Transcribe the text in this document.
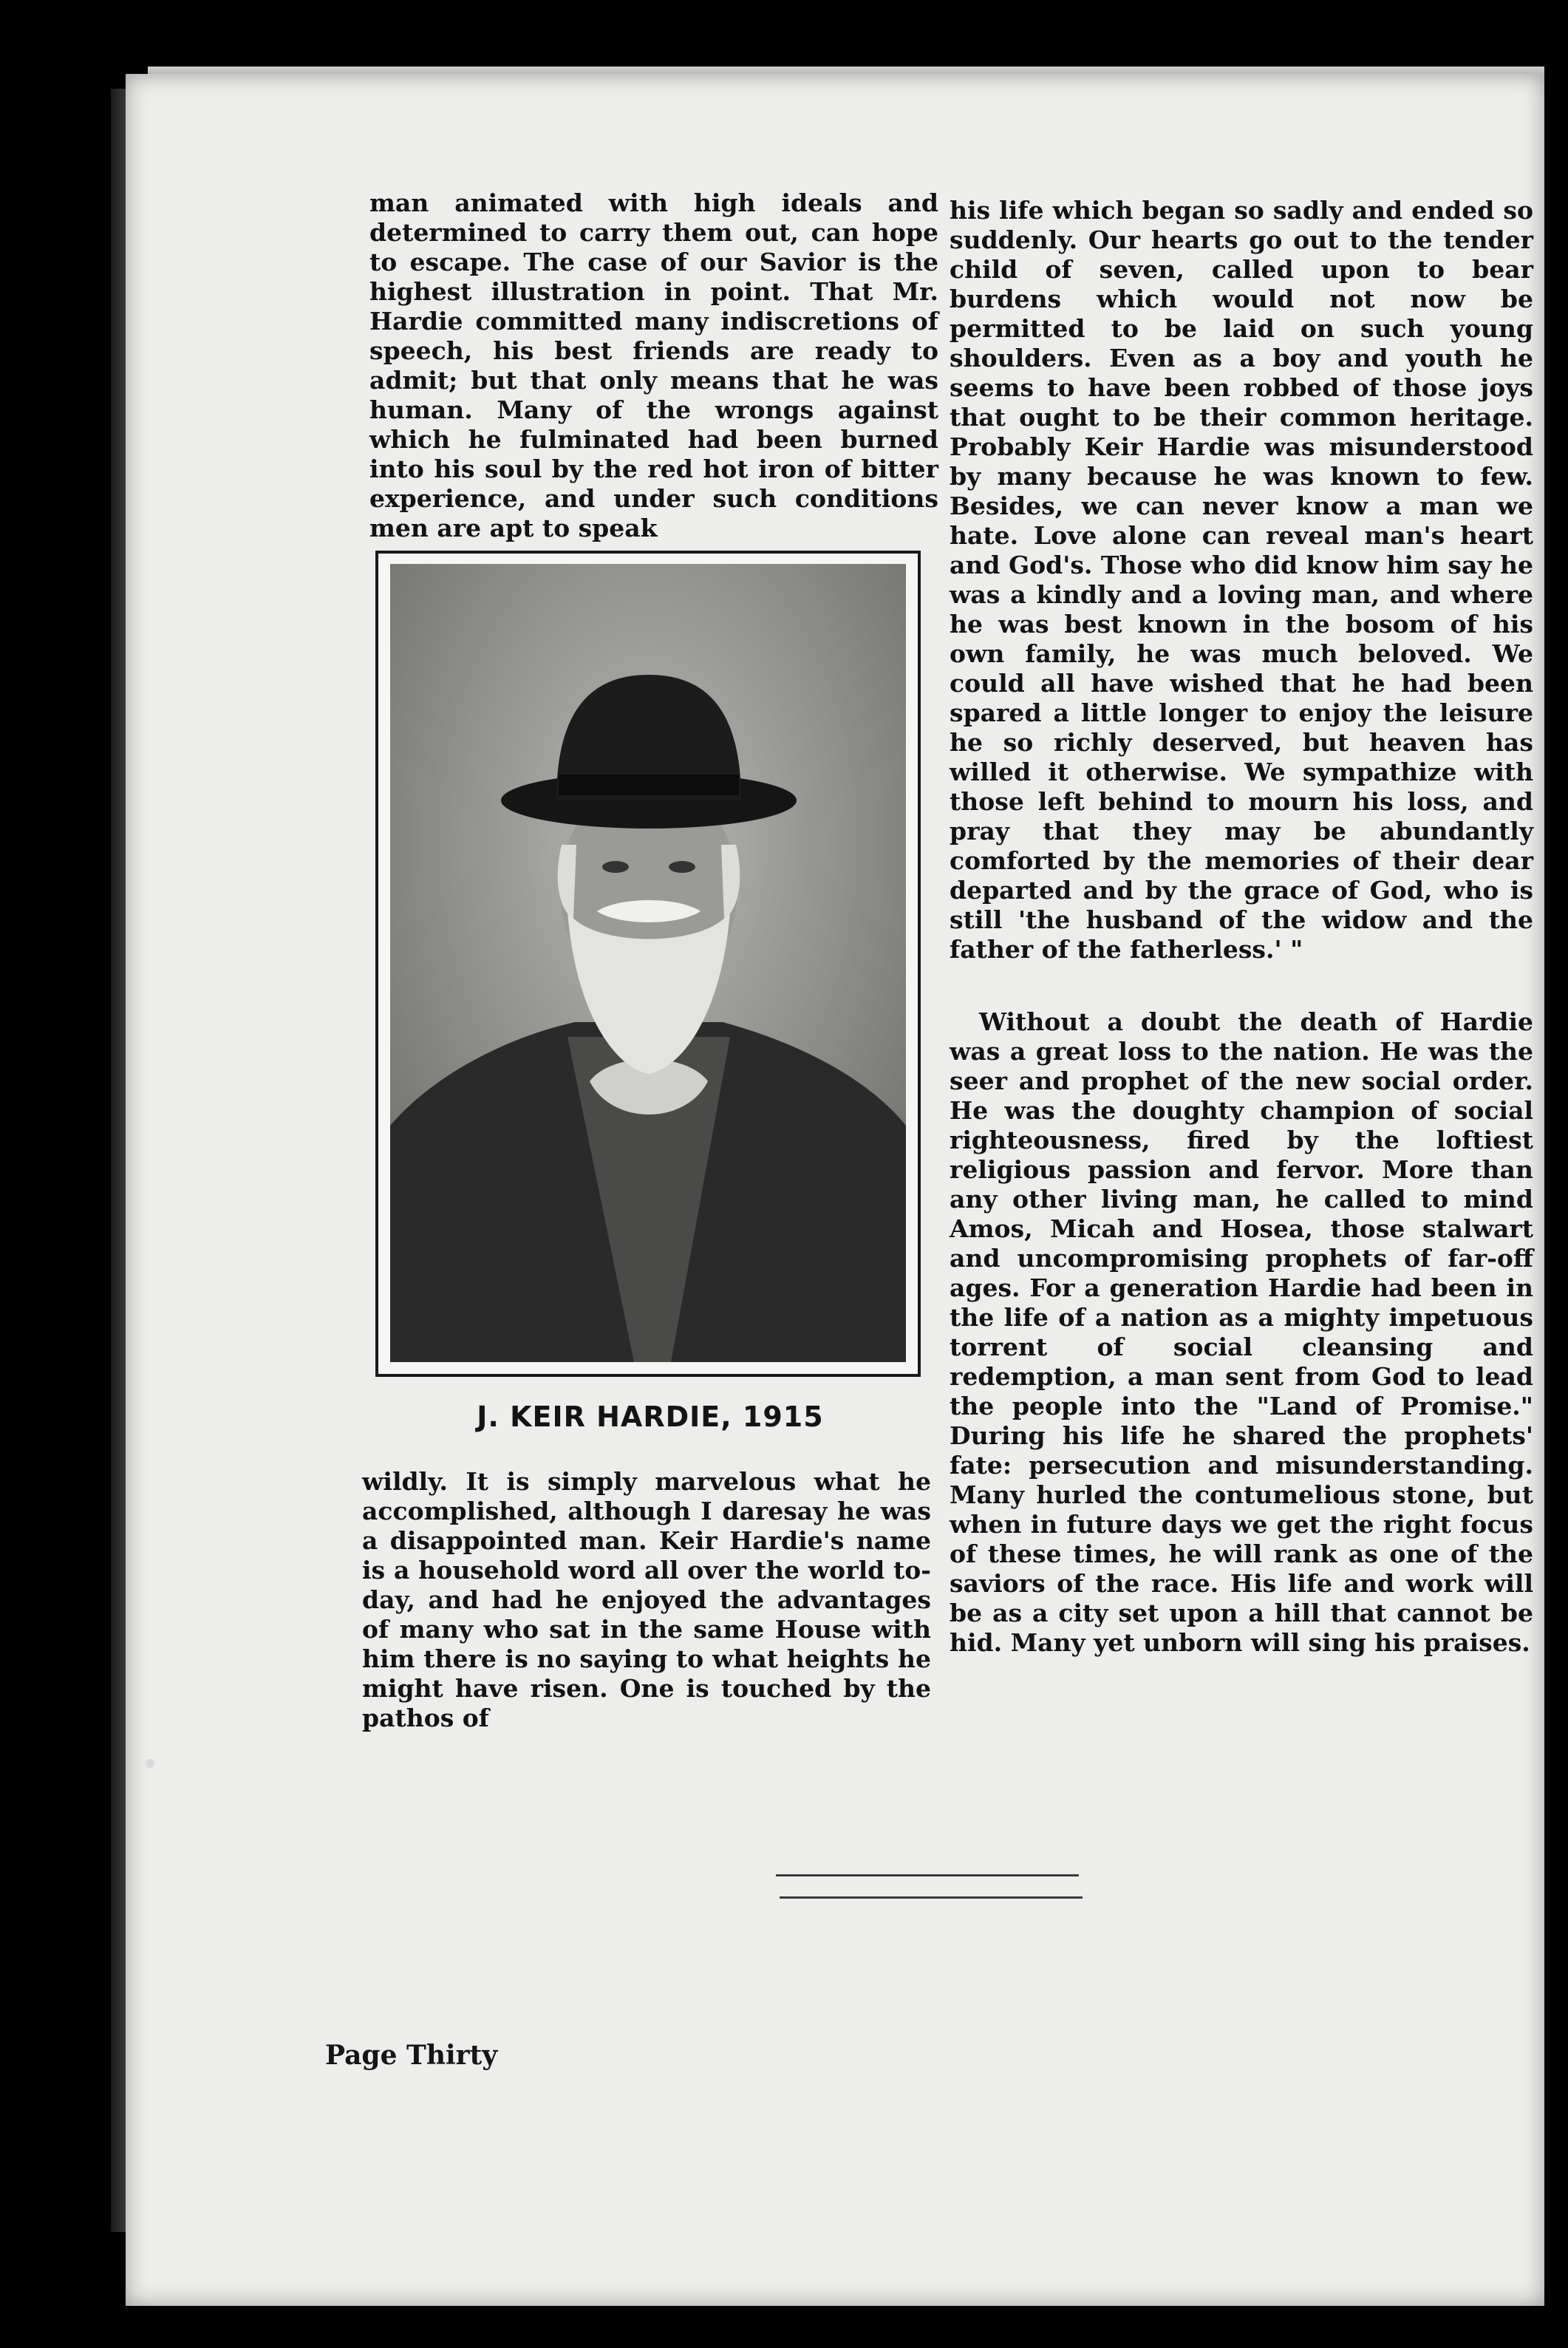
man animated with high ideals and determined to carry them out, can hope to escape. The case of our Savior is the highest illustration in point. That Mr. Hardie committed many indiscretions of speech, his best friends are ready to admit; but that only means that he was human. Many of the wrongs against which he fulminated had been burned into his soul by the red hot iron of bitter experience, and under such conditions men are apt to speak

J. KEIR HARDIE, 1915

wildly. It is simply marvelous what he accomplished, although I daresay he was a disappointed man. Keir Hardie's name is a household word all over the world to-day, and had he enjoyed the advantages of many who sat in the same House with him there is no saying to what heights he might have risen. One is touched by the pathos of

his life which began so sadly and ended so suddenly. Our hearts go out to the tender child of seven, called upon to bear burdens which would not now be permitted to be laid on such young shoulders. Even as a boy and youth he seems to have been robbed of those joys that ought to be their common heritage. Probably Keir Hardie was misunderstood by many because he was known to few. Besides, we can never know a man we hate. Love alone can reveal man's heart and God's. Those who did know him say he was a kindly and a loving man, and where he was best known in the bosom of his own family, he was much beloved. We could all have wished that he had been spared a little longer to enjoy the leisure he so richly deserved, but heaven has willed it otherwise. We sympathize with those left behind to mourn his loss, and pray that they may be abundantly comforted by the memories of their dear departed and by the grace of God, who is still 'the husband of the widow and the father of the fatherless.' "

Without a doubt the death of Hardie was a great loss to the nation. He was the seer and prophet of the new social order. He was the doughty champion of social righteousness, fired by the loftiest religious passion and fervor. More than any other living man, he called to mind Amos, Micah and Hosea, those stalwart and uncompromising prophets of far-off ages. For a generation Hardie had been in the life of a nation as a mighty impetuous torrent of social cleansing and redemption, a man sent from God to lead the people into the "Land of Promise." During his life he shared the prophets' fate: persecution and misunderstanding. Many hurled the contumelious stone, but when in future days we get the right focus of these times, he will rank as one of the saviors of the race. His life and work will be as a city set upon a hill that cannot be hid. Many yet unborn will sing his praises.

Page Thirty
